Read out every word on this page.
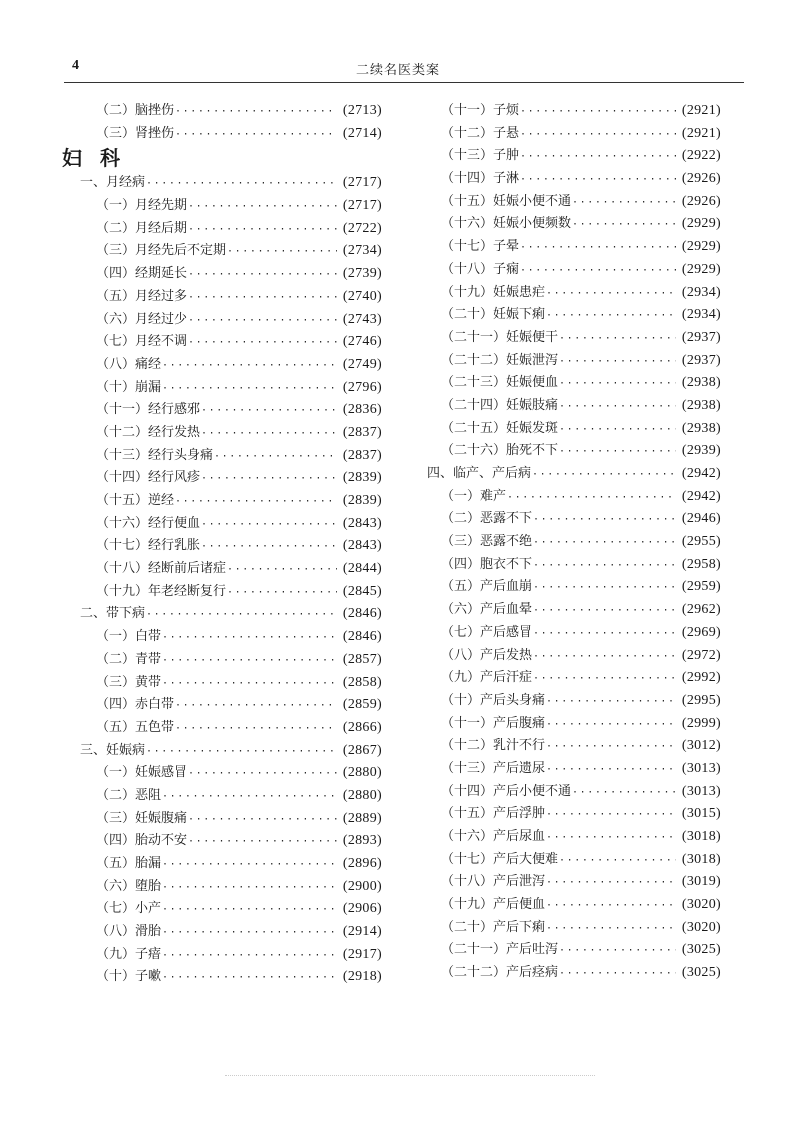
4	二续名医类案
（二）脑挫伤 ·····	(2713)
（三）肾挫伤 ·····	(2714)
妇科
一、月经病 ·····	(2717)
（一）月经先期 ·····	(2717)
（二）月经后期 ·····	(2722)
（三）月经先后不定期 ·····	(2734)
（四）经期延长 ·····	(2739)
（五）月经过多 ·····	(2740)
（六）月经过少 ·····	(2743)
（七）月经不调 ·····	(2746)
（八）痛经 ·····	(2749)
（十）崩漏 ·····	(2796)
（十一）经行感邪 ·····	(2836)
（十二）经行发热 ·····	(2837)
（十三）经行头身痛 ·····	(2837)
（十四）经行风疹 ·····	(2839)
（十五）逆经 ·····	(2839)
（十六）经行便血 ·····	(2843)
（十七）经行乳胀 ·····	(2843)
（十八）经断前后诸症 ·····	(2844)
（十九）年老经断复行 ·····	(2845)
二、带下病 ·····	(2846)
（一）白带 ·····	(2846)
（二）青带 ·····	(2857)
（三）黄带 ·····	(2858)
（四）赤白带 ·····	(2859)
（五）五色带 ·····	(2866)
三、妊娠病 ·····	(2867)
（一）妊娠感冒 ·····	(2880)
（二）恶阻 ·····	(2880)
（三）妊娠腹痛 ·····	(2889)
（四）胎动不安 ·····	(2893)
（五）胎漏 ·····	(2896)
（六）堕胎 ·····	(2900)
（七）小产 ·····	(2906)
（八）滑胎 ·····	(2914)
（九）子瘖 ·····	(2917)
（十）子嗽 ·····	(2918)
（十一）子烦 ·····	(2921)
（十二）子悬 ·····	(2921)
（十三）子肿 ·····	(2922)
（十四）子淋 ·····	(2926)
（十五）妊娠小便不通 ·····	(2926)
（十六）妊娠小便频数 ·····	(2929)
（十七）子晕 ·····	(2929)
（十八）子痫 ·····	(2929)
（十九）妊娠患疟 ·····	(2934)
（二十）妊娠下痢 ·····	(2934)
（二十一）妊娠便干 ·····	(2937)
（二十二）妊娠泄泻 ·····	(2937)
（二十三）妊娠便血 ·····	(2938)
（二十四）妊娠肢痛 ·····	(2938)
（二十五）妊娠发斑 ·····	(2938)
（二十六）胎死不下 ·····	(2939)
四、临产、产后病 ·····	(2942)
（一）难产 ·····	(2942)
（二）恶露不下 ·····	(2946)
（三）恶露不绝 ·····	(2955)
（四）胞衣不下 ·····	(2958)
（五）产后血崩 ·····	(2959)
（六）产后血晕 ·····	(2962)
（七）产后感冒 ·····	(2969)
（八）产后发热 ·····	(2972)
（九）产后汗症 ·····	(2992)
（十）产后头身痛 ·····	(2995)
（十一）产后腹痛 ·····	(2999)
（十二）乳汁不行 ·····	(3012)
（十三）产后遗尿 ·····	(3013)
（十四）产后小便不通 ·····	(3013)
（十五）产后浮肿 ·····	(3015)
（十六）产后尿血 ·····	(3018)
（十七）产后大便难 ·····	(3018)
（十八）产后泄泻 ·····	(3019)
（十九）产后便血 ·····	(3020)
（二十）产后下痢 ·····	(3020)
（二十一）产后吐泻 ·····	(3025)
（二十二）产后痉病 ·····	(3025)
